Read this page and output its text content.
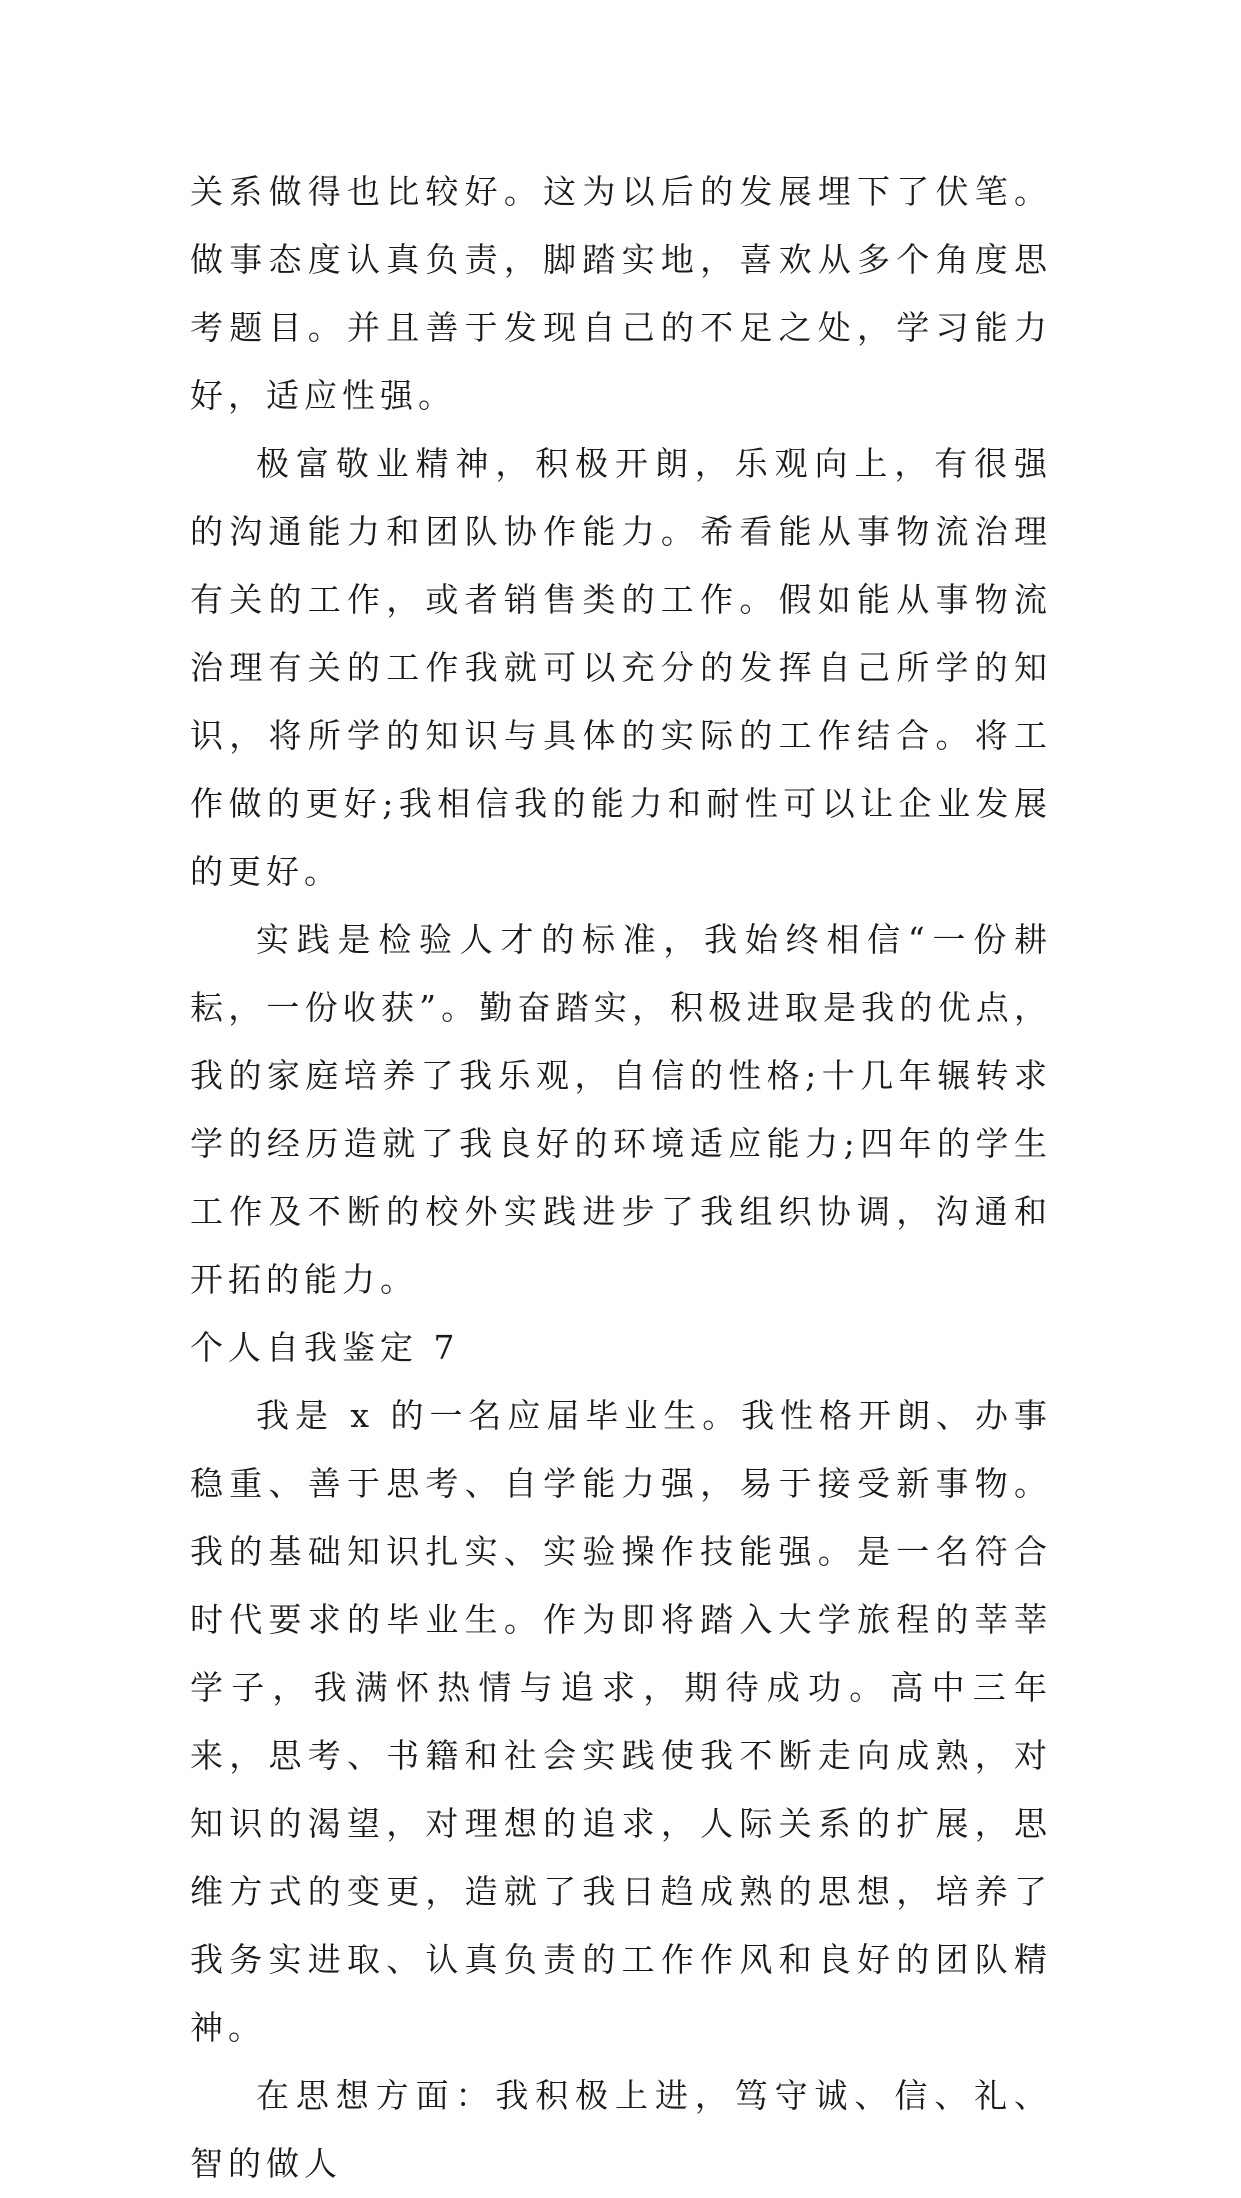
关系做得也比较好。这为以后的发展埋下了伏笔。做事态度认真负责，脚踏实地，喜欢从多个角度思考题目。并且善于发现自己的不足之处，学习能力好，适应性强。

极富敬业精神，积极开朗，乐观向上，有很强的沟通能力和团队协作能力。希看能从事物流治理有关的工作，或者销售类的工作。假如能从事物流治理有关的工作我就可以充分的发挥自己所学的知识，将所学的知识与具体的实际的工作结合。将工作做的更好;我相信我的能力和耐性可以让企业发展的更好。

实践是检验人才的标准，我始终相信“一份耕耘，一份收获”。勤奋踏实，积极进取是我的优点，我的家庭培养了我乐观，自信的性格;十几年辗转求学的经历造就了我良好的环境适应能力;四年的学生工作及不断的校外实践进步了我组织协调，沟通和开拓的能力。

个人自我鉴定 7

我是 x 的一名应届毕业生。我性格开朗、办事稳重、善于思考、自学能力强，易于接受新事物。我的基础知识扎实、实验操作技能强。是一名符合时代要求的毕业生。作为即将踏入大学旅程的莘莘学子，我满怀热情与追求，期待成功。高中三年来，思考、书籍和社会实践使我不断走向成熟，对知识的渴望，对理想的追求，人际关系的扩展，思维方式的变更，造就了我日趋成熟的思想，培养了我务实进取、认真负责的工作作风和良好的团队精神。

在思想方面：我积极上进，笃守诚、信、礼、智的做人
